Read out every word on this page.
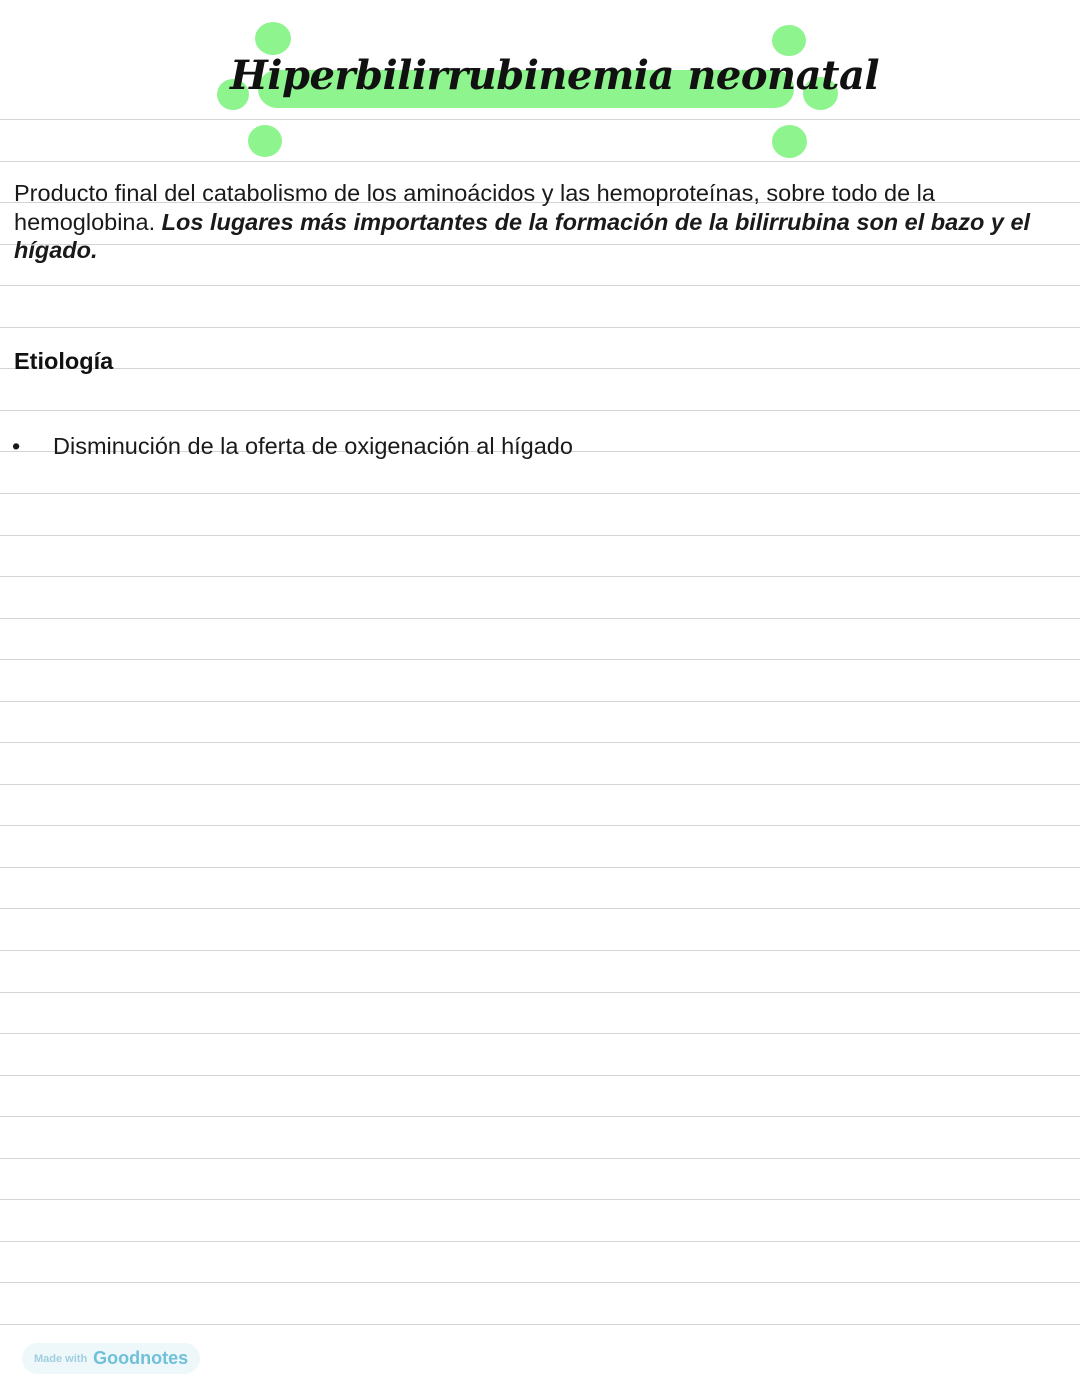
Hiperbilirrubinemia neonatal
Producto final del catabolismo de los aminoácidos y las hemoproteínas, sobre todo de la hemoglobina. Los lugares más importantes de la formación de la bilirrubina son el bazo y el hígado.
Etiología
• Disminución de la oferta de oxigenación al hígado
Made with Goodnotes
